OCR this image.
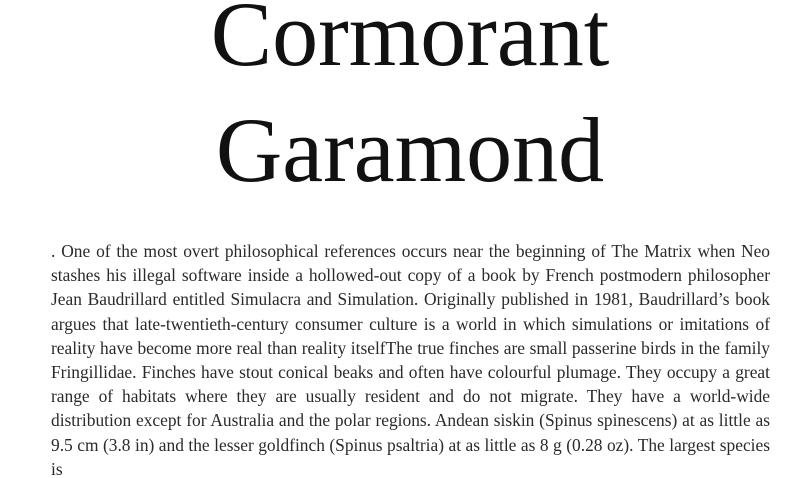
Cormorant
Garamond

. One of the most overt philosophical references occurs near the beginning of The Matrix when Neo stashes his illegal software inside a hollowed-out copy of a book by French postmodern philosopher Jean Baudrillard entitled Simulacra and Simulation. Originally published in 1981, Baudrillard’s book argues that late-twentieth-century consumer culture is a world in which simulations or imitations of reality have become more real than reality itselfThe true finches are small passerine birds in the family Fringillidae. Finches have stout conical beaks and often have colourful plumage. They occupy a great range of habitats where they are usually resident and do not migrate. They have a world-wide distribution except for Australia and the polar regions. Andean siskin (Spinus spinescens) at as little as 9.5 cm (3.8 in) and the lesser goldfinch (Spinus psaltria) at as little as 8 g (0.28 oz). The largest species is
